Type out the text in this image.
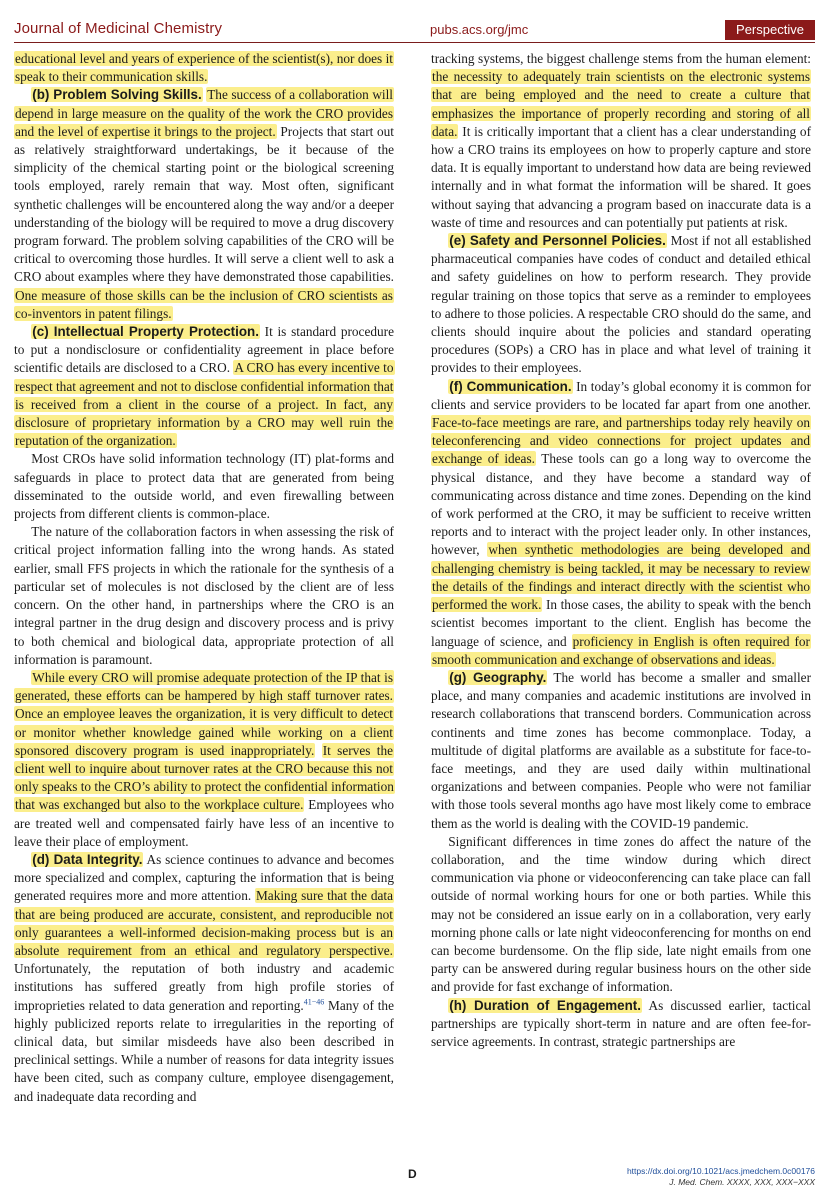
Journal of Medicinal Chemistry	pubs.acs.org/jmc	Perspective

educational level and years of experience of the scientist(s), nor does it speak to their communication skills.

(b) Problem Solving Skills. The success of a collaboration will depend in large measure on the quality of the work the CRO provides and the level of expertise it brings to the project. Projects that start out as relatively straightforward undertakings, be it because of the simplicity of the chemical starting point or the biological screening tools employed, rarely remain that way. Most often, significant synthetic challenges will be encountered along the way and/or a deeper understanding of the biology will be required to move a drug discovery program forward. The problem solving capabilities of the CRO will be critical to overcoming those hurdles. It will serve a client well to ask a CRO about examples where they have demonstrated those capabilities. One measure of those skills can be the inclusion of CRO scientists as co-inventors in patent filings.

(c) Intellectual Property Protection. It is standard procedure to put a nondisclosure or confidentiality agreement in place before scientific details are disclosed to a CRO. A CRO has every incentive to respect that agreement and not to disclose confidential information that is received from a client in the course of a project. In fact, any disclosure of proprietary information by a CRO may well ruin the reputation of the organization.

Most CROs have solid information technology (IT) plat-forms and safeguards in place to protect data that are generated from being disseminated to the outside world, and even firewalling between projects from different clients is common-place.

The nature of the collaboration factors in when assessing the risk of critical project information falling into the wrong hands. As stated earlier, small FFS projects in which the rationale for the synthesis of a particular set of molecules is not disclosed by the client are of less concern. On the other hand, in partnerships where the CRO is an integral partner in the drug design and discovery process and is privy to both chemical and biological data, appropriate protection of all information is paramount.

While every CRO will promise adequate protection of the IP that is generated, these efforts can be hampered by high staff turnover rates. Once an employee leaves the organization, it is very difficult to detect or monitor whether knowledge gained while working on a client sponsored discovery program is used inappropriately. It serves the client well to inquire about turnover rates at the CRO because this not only speaks to the CRO’s ability to protect the confidential information that was exchanged but also to the workplace culture. Employees who are treated well and compensated fairly have less of an incentive to leave their place of employment.

(d) Data Integrity. As science continues to advance and becomes more specialized and complex, capturing the information that is being generated requires more and more attention. Making sure that the data that are being produced are accurate, consistent, and reproducible not only guarantees a well-informed decision-making process but is an absolute requirement from an ethical and regulatory perspective. Unfortunately, the reputation of both industry and academic institutions has suffered greatly from high profile stories of improprieties related to data generation and reporting.$^{41-46}$ Many of the highly publicized reports relate to irregularities in the reporting of clinical data, but similar misdeeds have also been described in preclinical settings. While a number of reasons for data integrity issues have been cited, such as company culture, employee disengagement, and inadequate data recording and

tracking systems, the biggest challenge stems from the human element: the necessity to adequately train scientists on the electronic systems that are being employed and the need to create a culture that emphasizes the importance of properly recording and storing of all data. It is critically important that a client has a clear understanding of how a CRO trains its employees on how to properly capture and store data. It is equally important to understand how data are being reviewed internally and in what format the information will be shared. It goes without saying that advancing a program based on inaccurate data is a waste of time and resources and can potentially put patients at risk.

(e) Safety and Personnel Policies. Most if not all established pharmaceutical companies have codes of conduct and detailed ethical and safety guidelines on how to perform research. They provide regular training on those topics that serve as a reminder to employees to adhere to those policies. A respectable CRO should do the same, and clients should inquire about the policies and standard operating procedures (SOPs) a CRO has in place and what level of training it provides to their employees.

(f) Communication. In today’s global economy it is common for clients and service providers to be located far apart from one another. Face-to-face meetings are rare, and partnerships today rely heavily on teleconferencing and video connections for project updates and exchange of ideas. These tools can go a long way to overcome the physical distance, and they have become a standard way of communicating across distance and time zones. Depending on the kind of work performed at the CRO, it may be sufficient to receive written reports and to interact with the project leader only. In other instances, however, when synthetic methodologies are being developed and challenging chemistry is being tackled, it may be necessary to review the details of the findings and interact directly with the scientist who performed the work. In those cases, the ability to speak with the bench scientist becomes important to the client. English has become the language of science, and proficiency in English is often required for smooth communication and exchange of observations and ideas.

(g) Geography. The world has become a smaller and smaller place, and many companies and academic institutions are involved in research collaborations that transcend borders. Communication across continents and time zones has become commonplace. Today, a multitude of digital platforms are available as a substitute for face-to-face meetings, and they are used daily within multinational organizations and between companies. People who were not familiar with those tools several months ago have most likely come to embrace them as the world is dealing with the COVID-19 pandemic.

Significant differences in time zones do affect the nature of the collaboration, and the time window during which direct communication via phone or videoconferencing can take place can fall outside of normal working hours for one or both parties. While this may not be considered an issue early on in a collaboration, very early morning phone calls or late night videoconferencing for months on end can become burdensome. On the flip side, late night emails from one party can be answered during regular business hours on the other side and provide for fast exchange of information.

(h) Duration of Engagement. As discussed earlier, tactical partnerships are typically short-term in nature and are often fee-for-service agreements. In contrast, strategic partnerships are

D	https://dx.doi.org/10.1021/acs.jmedchem.0c00176
J. Med. Chem. XXXX, XXX, XXX−XXX
